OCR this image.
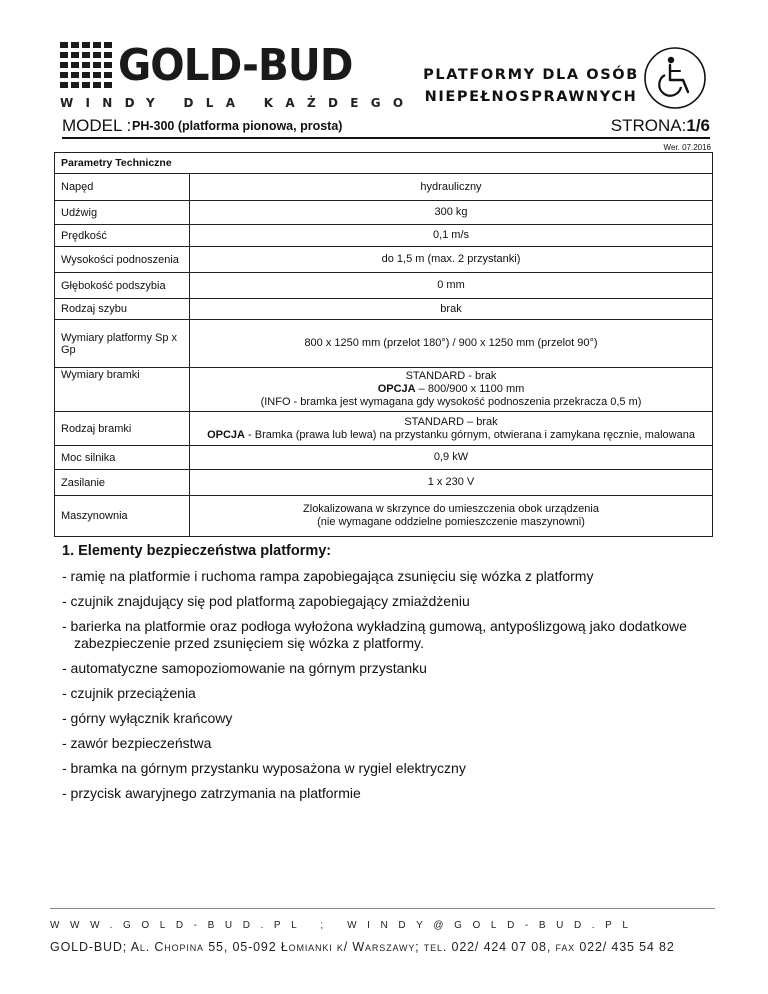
GOLD-BUD
WINDY DLA KAŻDEGO
PLATFORMY DLA OSÓB
NIEPEŁNOSPRAWNYCH
MODEL : PH-300 (platforma pionowa, prosta)	STRONA:1/6
Wer. 07.2016
Parametry Techniczne	
Napęd	hydrauliczny
Udźwig	300 kg
Prędkość	0,1 m/s
Wysokości podnoszenia	do 1,5 m (max. 2 przystanki)
Głębokość podszybia	0 mm
Rodzaj szybu	brak
Wymiary platformy Sp x Gp	800 x 1250 mm (przelot 180°) / 900 x 1250 mm (przelot 90°)
Wymiary bramki	STANDARD - brak
OPCJA – 800/900 x 1100 mm
(INFO - bramka jest wymagana gdy wysokość podnoszenia przekracza 0,5 m)

Rodzaj bramki	STANDARD – brak
OPCJA - Bramka (prawa lub lewa) na przystanku górnym, otwierana i zamykana ręcznie, malowana

Moc silnika	0,9 kW
Zasilanie	1 x 230 V
Maszynownia	Zlokalizowana w skrzynce do umieszczenia obok urządzenia
(nie wymagane oddzielne pomieszczenie maszynowni)
1. Elementy bezpieczeństwa platformy:
- ramię na platformie i ruchoma rampa zapobiegająca zsunięciu się wózka z platformy
- czujnik znajdujący się pod platformą zapobiegający zmiażdżeniu
- barierka na platformie oraz podłoga wyłożona wykładziną gumową, antypoślizgową jako dodatkowe zabezpieczenie przed zsunięciem się wózka z platformy.
- automatyczne samopoziomowanie na górnym przystanku
- czujnik przeciążenia
- górny wyłącznik krańcowy
- zawór bezpieczeństwa
- bramka na górnym przystanku wyposażona w rygiel elektryczny
- przycisk awaryjnego zatrzymania na platformie
WWW.GOLD-BUD.PL ; WINDY@GOLD-BUD.PL
GOLD-BUD; Al. Chopina 55, 05-092 Łomianki k/ Warszawy; tel. 022/ 424 07 08, fax 022/ 435 54 82
